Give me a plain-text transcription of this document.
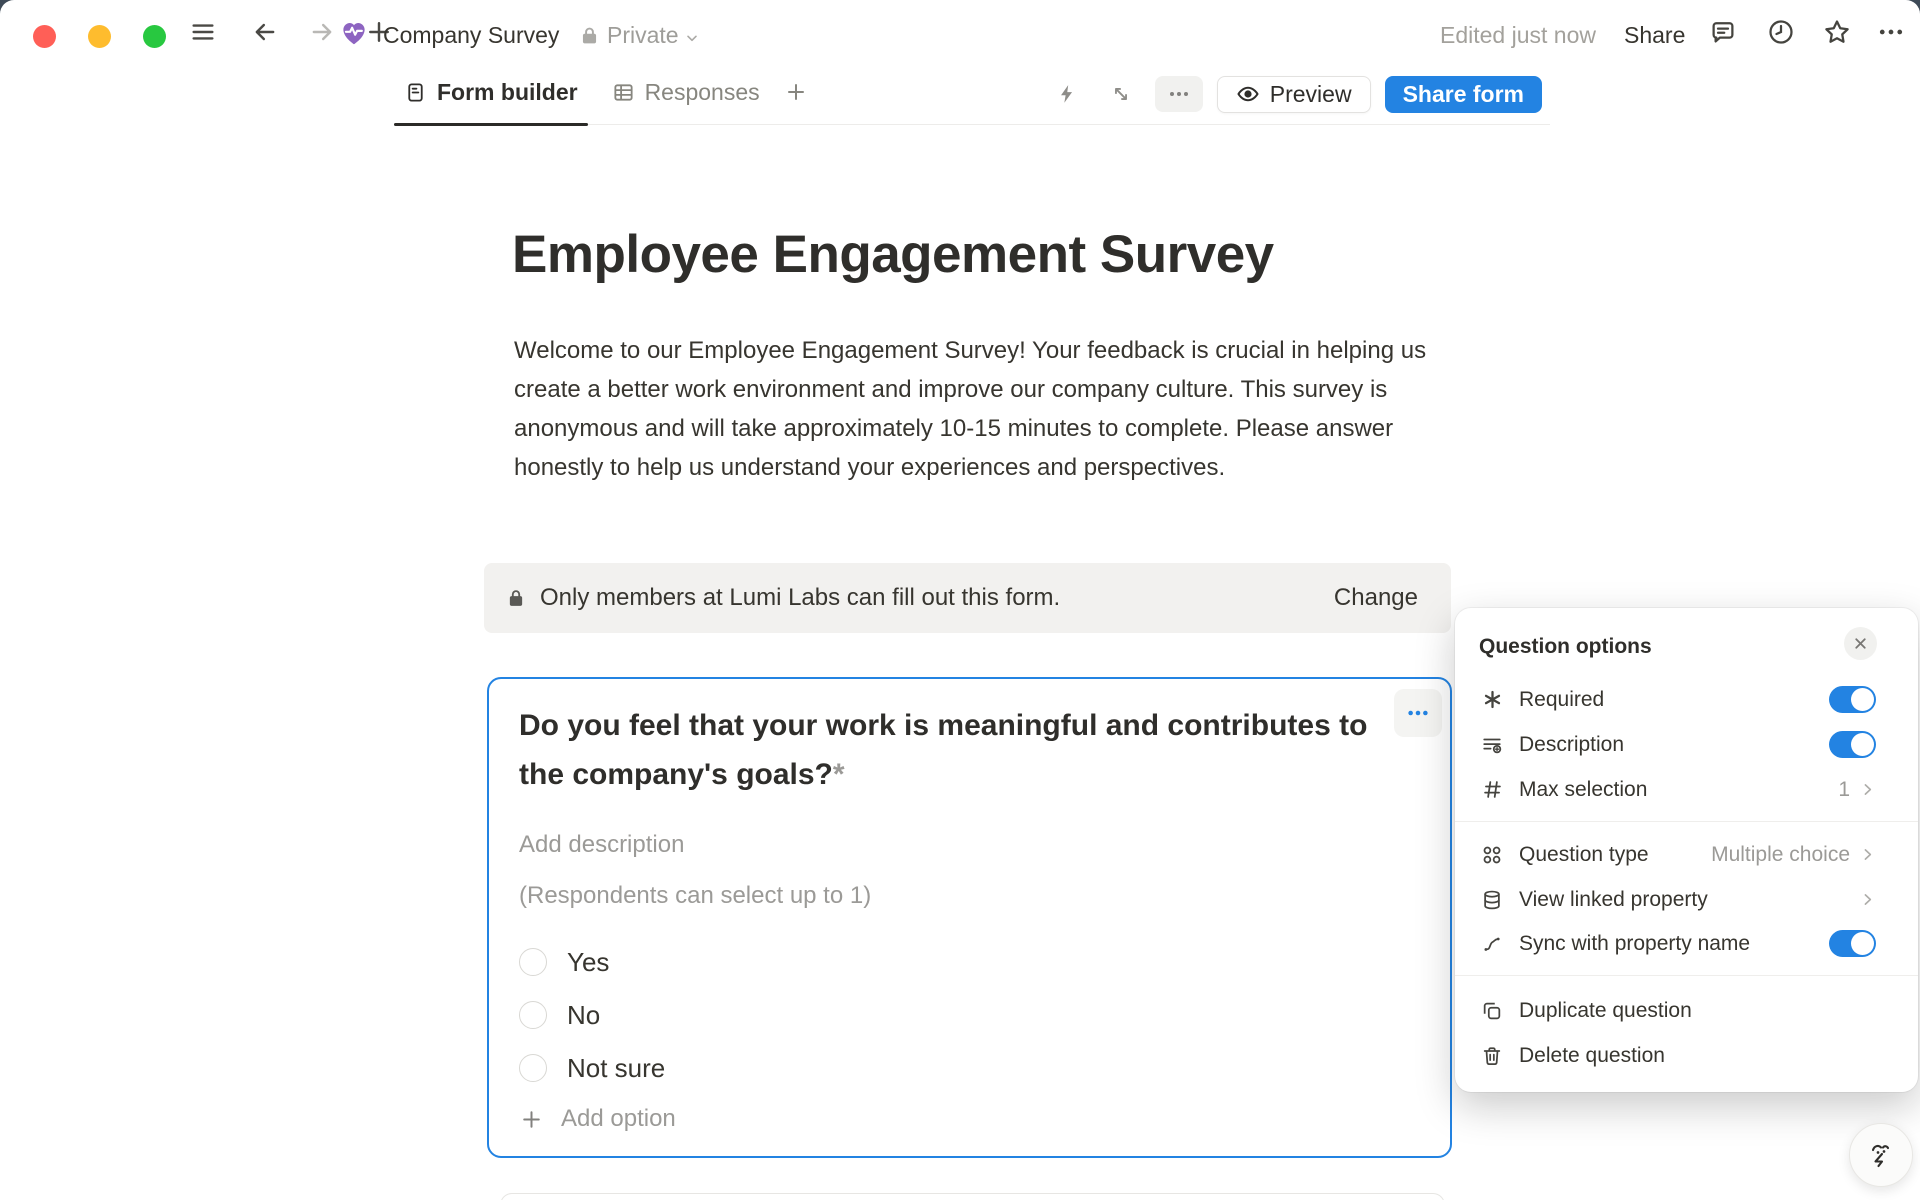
Company Survey Private	Edited just now Share
Form builder	Responses	Preview Share form
Employee Engagement Survey

Welcome to our Employee Engagement Survey! Your feedback is crucial in helping us create a better work environment and improve our company culture. This survey is anonymous and will take approximately 10-15 minutes to complete. Please answer honestly to help us understand your experiences and perspectives.

Only members at Lumi Labs can fill out this form.	Change
Do you feel that your work is meaningful and contributes to the company's goals?*
Add description
(Respondents can select up to 1)
Yes
No
Not sure
Add option
Question options
Required
Description
Max selection	1
Question type	Multiple choice
View linked property
Sync with property name
Duplicate question
Delete question
